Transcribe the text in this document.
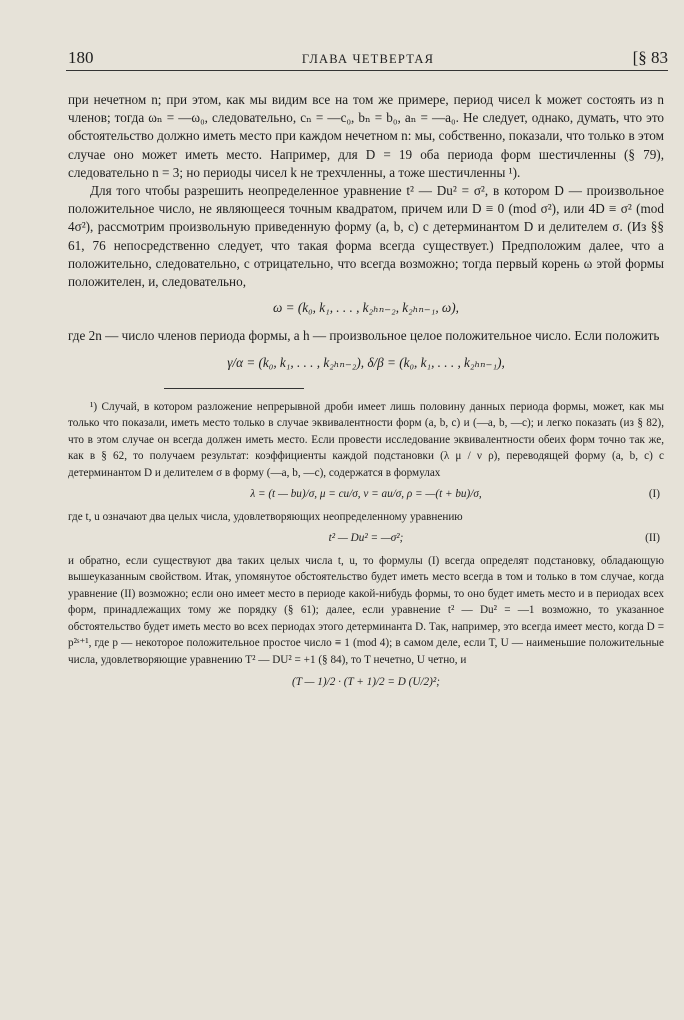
180	ГЛАВА ЧЕТВЕРТАЯ	[§ 83

при нечетном n; при этом, как мы видим все на том же примере, период чисел k может состоять из n членов; тогда ωₙ = —ω₀, следовательно, cₙ = —c₀, bₙ = b₀, aₙ = —a₀. Не следует, однако, думать, что это обстоятельство должно иметь место при каждом нечетном n: мы, собственно, показали, что только в этом случае оно может иметь место. Например, для D = 19 оба периода форм шестичленны (§ 79), следовательно n = 3; но периоды чисел k не трехчленны, а тоже шестичленны ¹).

Для того чтобы разрешить неопределенное уравнение t² — Du² = σ², в котором D — произвольное положительное число, не являющееся точным квадратом, причем или D ≡ 0 (mod σ²), или 4D ≡ σ² (mod 4σ²), рассмотрим произвольную приведенную форму (a, b, c) с детерминантом D и делителем σ. (Из §§ 61, 76 непосредственно следует, что такая форма всегда существует.) Предположим далее, что a положительно, следовательно, c отрицательно, что всегда возможно; тогда первый корень ω этой формы положителен, и, следовательно,

ω = (k₀, k₁, . . . , k₂ₕₙ₋₂, k₂ₕₙ₋₁, ω),

где 2n — число членов периода формы, а h — произвольное целое положительное число. Если положить

γ/α = (k₀, k₁, . . . , k₂ₕₙ₋₂), δ/β = (k₀, k₁, . . . , k₂ₕₙ₋₁),

¹) Случай, в котором разложение непрерывной дроби имеет лишь половину данных периода формы, может, как мы только что показали, иметь место только в случае эквивалентности форм (a, b, c) и (—a, b, —c); и легко показать (из § 82), что в этом случае он всегда должен иметь место. Если провести исследование эквивалентности обеих форм точно так же, как в § 62, то получаем результат: коэффициенты каждой подстановки (λ μ / ν ρ), переводящей форму (a, b, c) с детерминантом D и делителем σ в форму (—a, b, —c), содержатся в формулах

λ = (t — bu)/σ, μ = cu/σ, ν = au/σ, ρ = —(t + bu)/σ,	(I)

где t, u означают два целых числа, удовлетворяющих неопределенному уравнению

t² — Du² = —σ²;	(II)

и обратно, если существуют два таких целых числа t, u, то формулы (I) всегда определят подстановку, обладающую вышеуказанным свойством. Итак, упомянутое обстоятельство будет иметь место всегда в том и только в том случае, когда уравнение (II) возможно; если оно имеет место в периоде какой-нибудь формы, то оно будет иметь место и в периодах всех форм, принадлежащих тому же порядку (§ 61); далее, если уравнение t² — Du² = —1 возможно, то указанное обстоятельство будет иметь место во всех периодах этого детерминанта D. Так, например, это всегда имеет место, когда D = p²ˢ⁺¹, где p — некоторое положительное простое число ≡ 1 (mod 4); в самом деле, если T, U — наименьшие положительные числа, удовлетворяющие уравнению T² — DU² = +1 (§ 84), то T нечетно, U четно, и

(T — 1)/2 · (T + 1)/2 = D (U/2)²;
